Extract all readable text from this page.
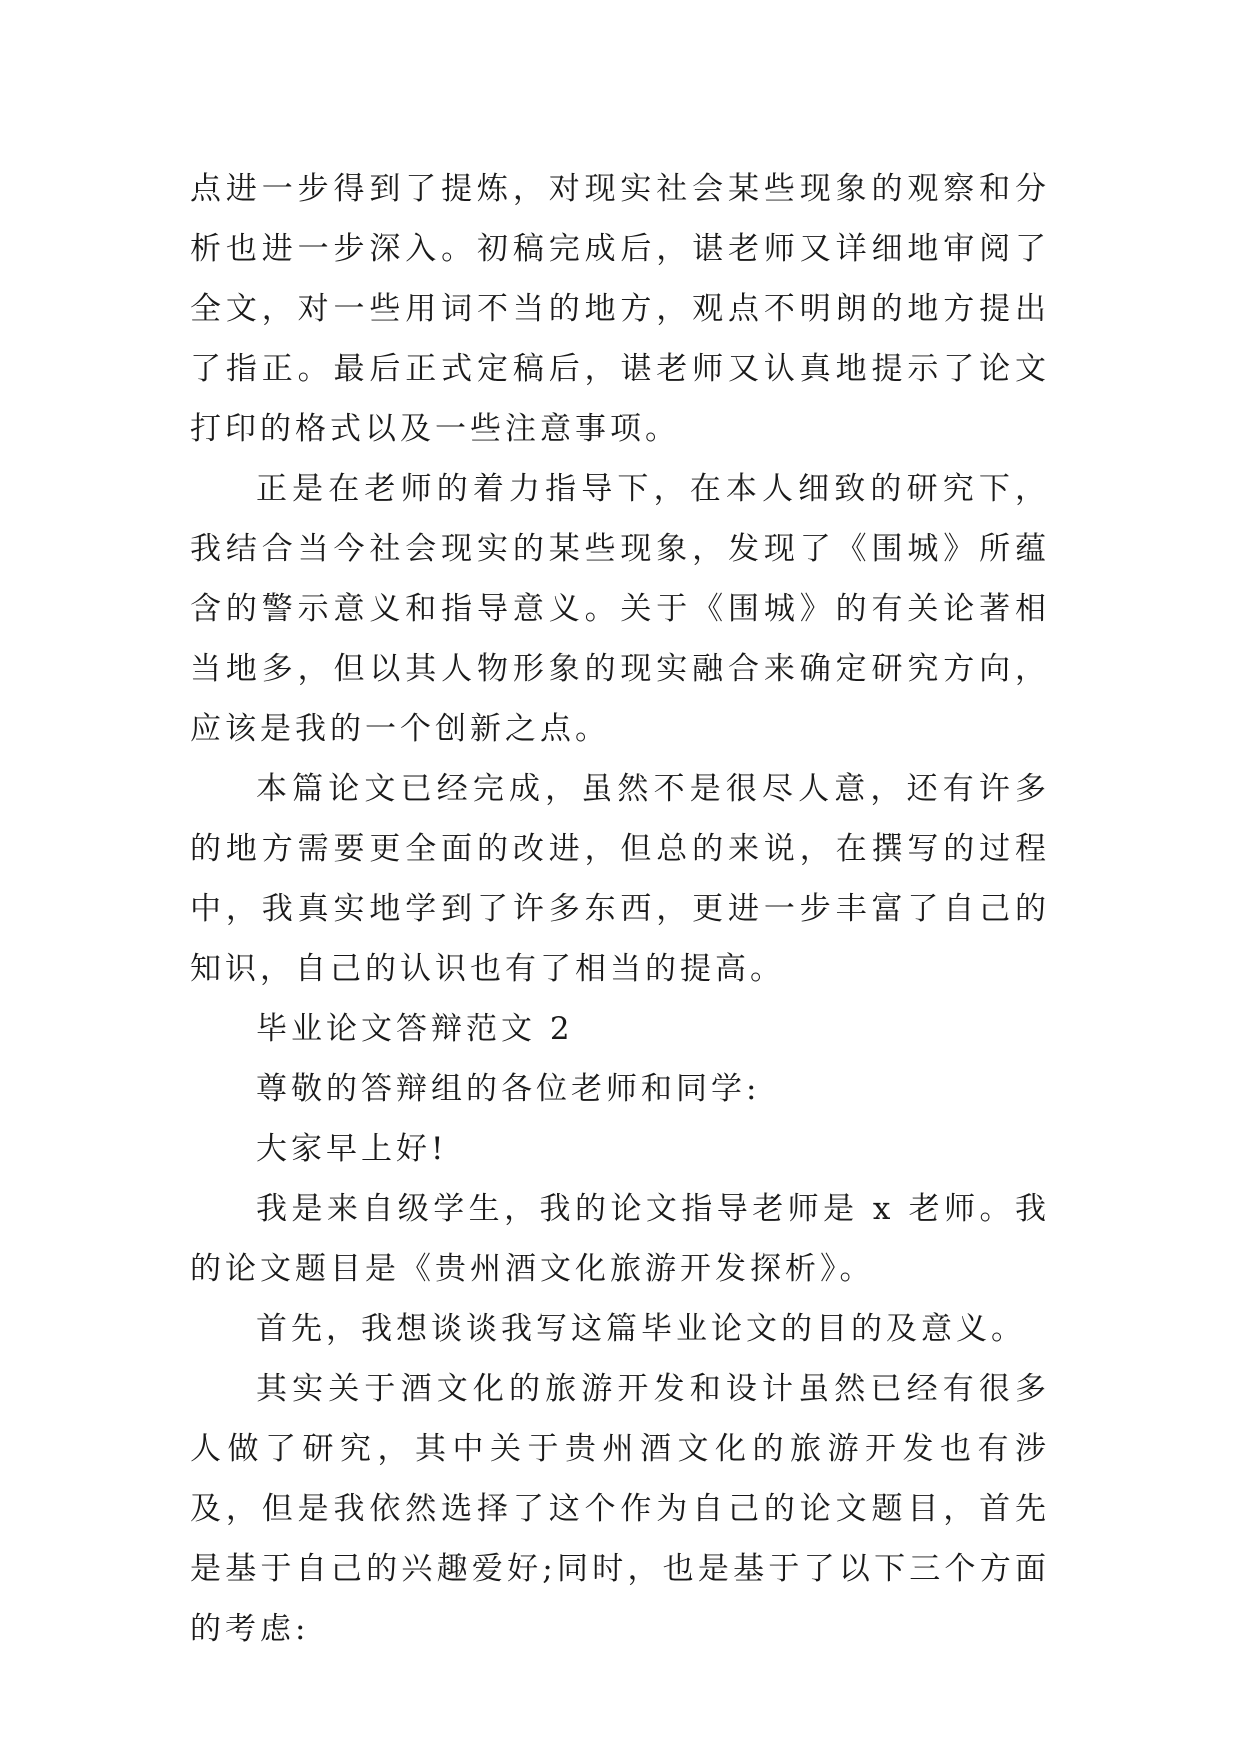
点进一步得到了提炼，对现实社会某些现象的观察和分析也进一步深入。初稿完成后，谌老师又详细地审阅了全文，对一些用词不当的地方，观点不明朗的地方提出了指正。最后正式定稿后，谌老师又认真地提示了论文打印的格式以及一些注意事项。

正是在老师的着力指导下，在本人细致的研究下，我结合当今社会现实的某些现象，发现了《围城》所蕴含的警示意义和指导意义。关于《围城》的有关论著相当地多，但以其人物形象的现实融合来确定研究方向，应该是我的一个创新之点。

本篇论文已经完成，虽然不是很尽人意，还有许多的地方需要更全面的改进，但总的来说，在撰写的过程中，我真实地学到了许多东西，更进一步丰富了自己的知识，自己的认识也有了相当的提高。

毕业论文答辩范文 2

尊敬的答辩组的各位老师和同学:

大家早上好!

我是来自级学生，我的论文指导老师是 x 老师。我的论文题目是《贵州酒文化旅游开发探析》。

首先，我想谈谈我写这篇毕业论文的目的及意义。

其实关于酒文化的旅游开发和设计虽然已经有很多人做了研究，其中关于贵州酒文化的旅游开发也有涉及，但是我依然选择了这个作为自己的论文题目，首先是基于自己的兴趣爱好;同时，也是基于了以下三个方面的考虑:
